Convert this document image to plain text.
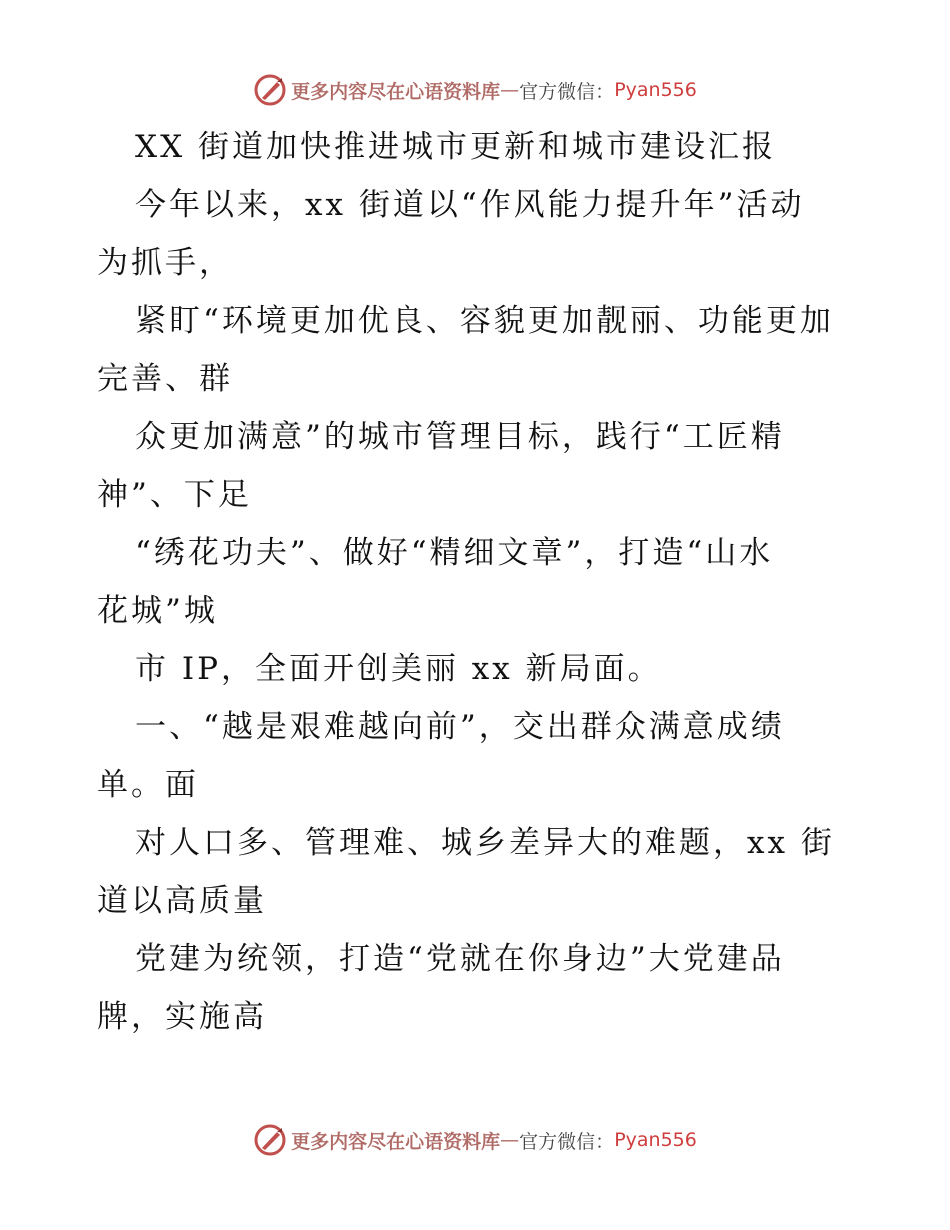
更多内容尽在心语资料库 — 官方微信： Pyan556
XX 街道加快推进城市更新和城市建设汇报
今年以来，xx 街道以“作风能力提升年”活动
为抓手，
紧盯“环境更加优良、容貌更加靓丽、功能更加
完善、群
众更加满意”的城市管理目标，践行“工匠精
神”、下足
“绣花功夫”、做好“精细文章”，打造“山水
花城”城
市 IP，全面开创美丽 xx 新局面。
一、“越是艰难越向前”，交出群众满意成绩
单。面
对人口多、管理难、城乡差异大的难题，xx 街
道以高质量
党建为统领，打造“党就在你身边”大党建品
牌，实施高
更多内容尽在心语资料库 — 官方微信： Pyan556
